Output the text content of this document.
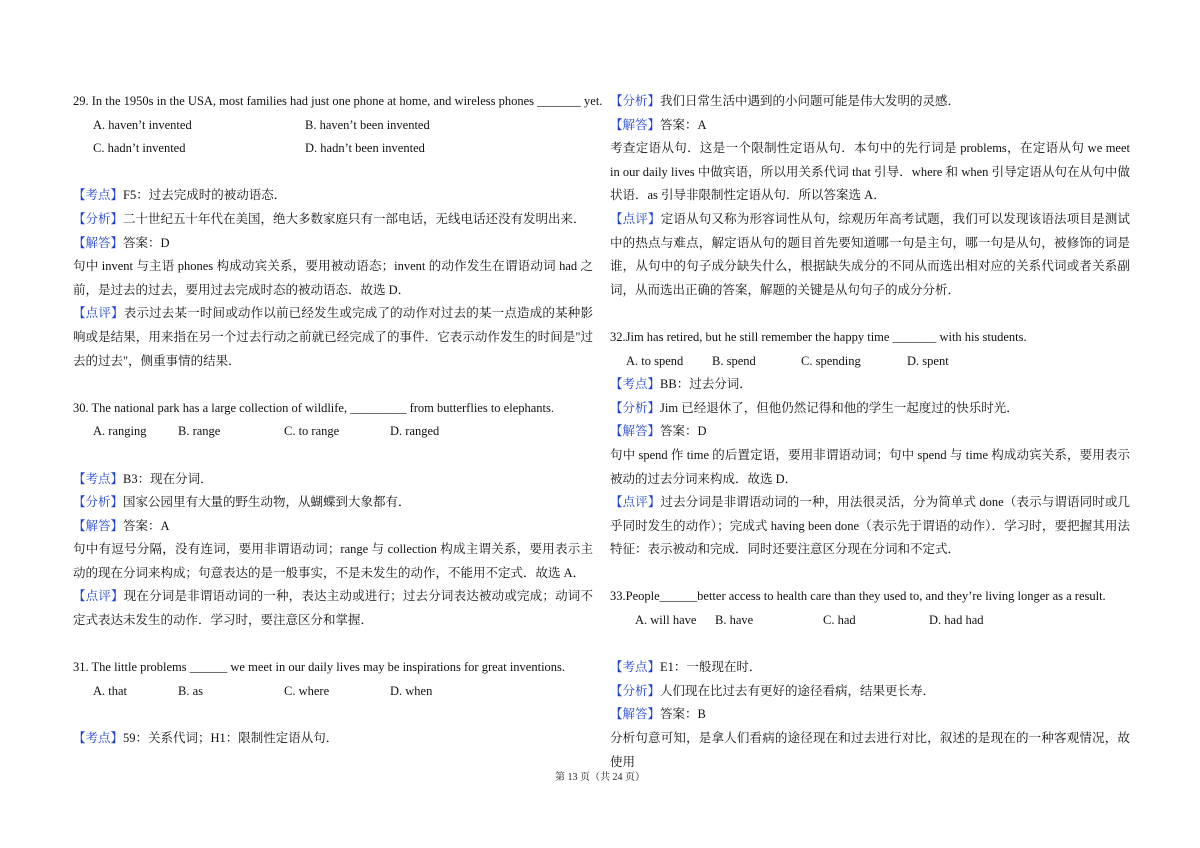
29. In the 1950s in the USA, most families had just one phone at home, and wireless phones _______ yet.
A. haven’t invented	B. haven’t been invented
C. hadn’t invented	D. hadn’t been invented
【考点】F5：过去完成时的被动语态．
【分析】二十世纪五十年代在美国，绝大多数家庭只有一部电话，无线电话还没有发明出来．
【解答】答案：D
句中 invent 与主语 phones 构成动宾关系，要用被动语态；invent 的动作发生在谓语动词 had 之前，是过去的过去，要用过去完成时态的被动语态．故选 D．
【点评】表示过去某一时间或动作以前已经发生或完成了的动作对过去的某一点造成的某种影响或是结果，用来指在另一个过去行动之前就已经完成了的事件．它表示动作发生的时间是"过去的过去"，侧重事情的结果．
30. The national park has a large collection of wildlife, _________ from butterflies to elephants.
A. ranging	B. range	C. to range	D. ranged
【考点】B3：现在分词．
【分析】国家公园里有大量的野生动物，从蝴蝶到大象都有．
【解答】答案：A
句中有逗号分隔，没有连词，要用非谓语动词；range 与 collection 构成主谓关系，要用表示主动的现在分词来构成；句意表达的是一般事实，不是未发生的动作，不能用不定式．故选 A．
【点评】现在分词是非谓语动词的一种，表达主动或进行；过去分词表达被动或完成；动词不定式表达未发生的动作．学习时，要注意区分和掌握．
31. The little problems ______ we meet in our daily lives may be inspirations for great inventions.
A. that	B. as	C. where	D. when
【考点】59：关系代词；H1：限制性定语从句．
【分析】我们日常生活中遇到的小问题可能是伟大发明的灵感．
【解答】答案：A
考查定语从句．这是一个限制性定语从句．本句中的先行词是 problems，在定语从句 we meet in our daily lives 中做宾语，所以用关系代词 that 引导．where 和 when 引导定语从句在从句中做状语．as 引导非限制性定语从句．所以答案选 A．
【点评】定语从句又称为形容词性从句，综观历年高考试题，我们可以发现该语法项目是测试中的热点与难点，解定语从句的题目首先要知道哪一句是主句，哪一句是从句，被修饰的词是谁，从句中的句子成分缺失什么，根据缺失成分的不同从而选出相对应的关系代词或者关系副词，从而选出正确的答案，解题的关键是从句句子的成分分析．
32.Jim has retired, but he still remember the happy time _______ with his students.
A. to spend	B. spend	C. spending	D. spent
【考点】BB：过去分词．
【分析】Jim 已经退休了，但他仍然记得和他的学生一起度过的快乐时光．
【解答】答案：D
句中 spend 作 time 的后置定语，要用非谓语动词；句中 spend 与 time 构成动宾关系，要用表示被动的过去分词来构成．故选 D．
【点评】过去分词是非谓语动词的一种，用法很灵活，分为简单式 done（表示与谓语同时或几乎同时发生的动作）；完成式 having been done（表示先于谓语的动作）．学习时，要把握其用法特征：表示被动和完成．同时还要注意区分现在分词和不定式．
33.People______better access to health care than they used to, and they’re living longer as a result.
A. will have	B. have	C. had	D. had had
【考点】E1：一般现在时．
【分析】人们现在比过去有更好的途径看病，结果更长寿．
【解答】答案：B
分析句意可知，是拿人们看病的途径现在和过去进行对比，叙述的是现在的一种客观情况，故使用
第 13 页（共 24 页）
